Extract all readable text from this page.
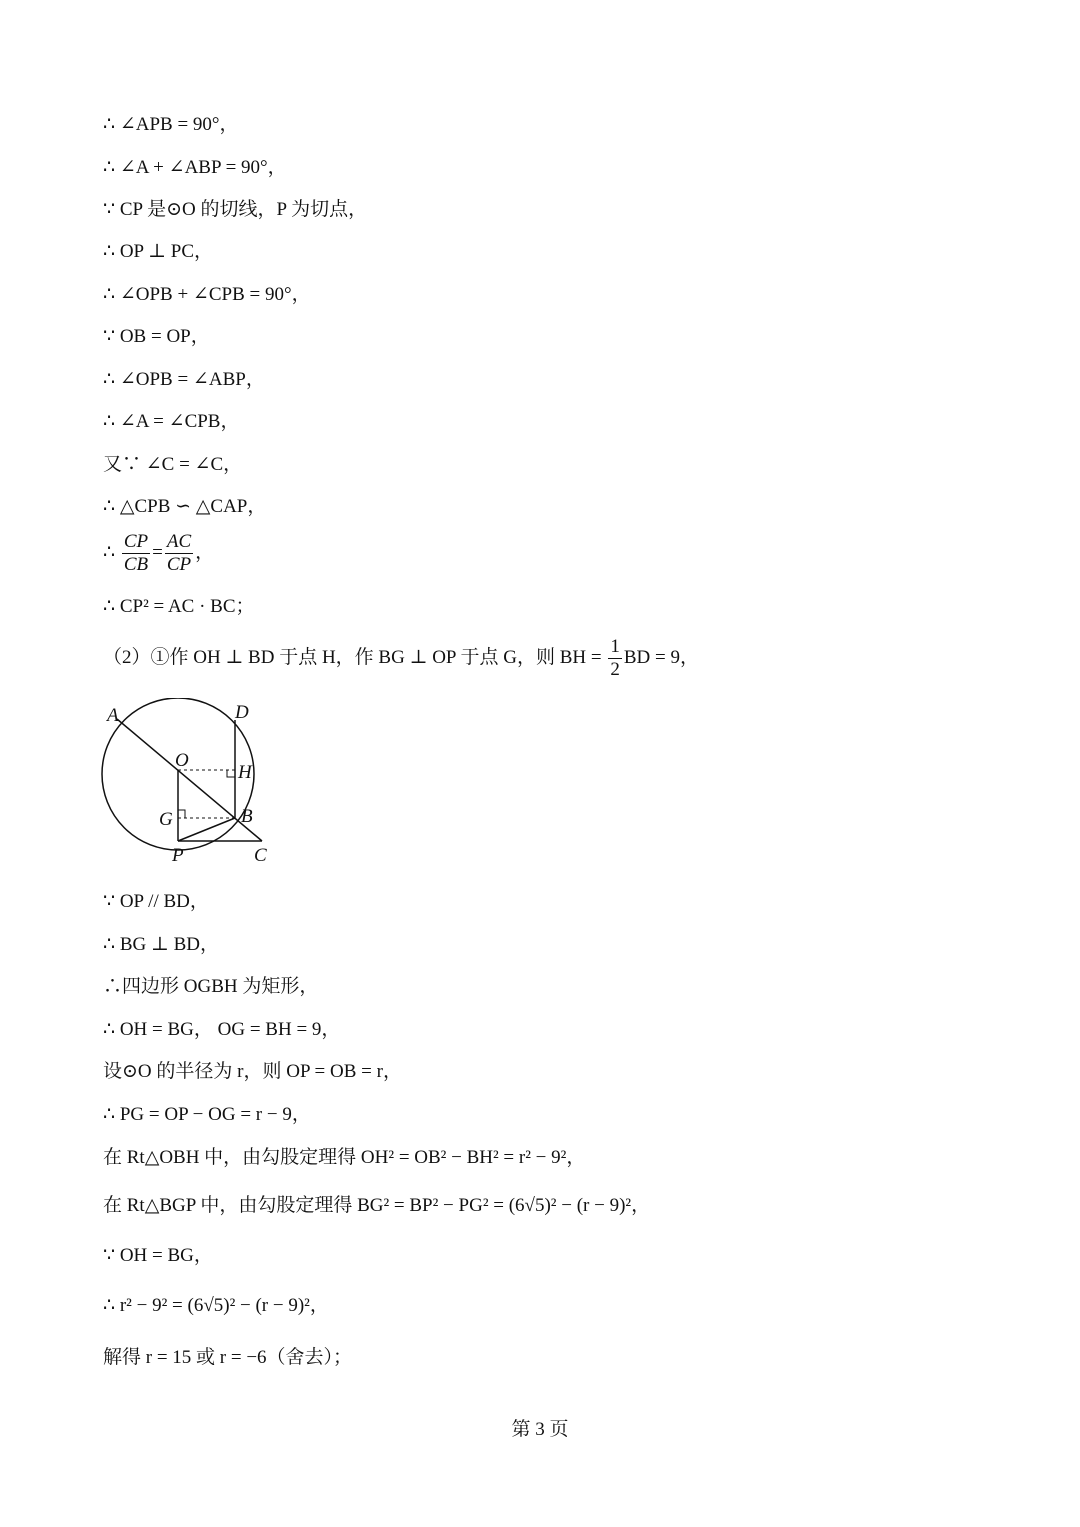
∴ ∠APB = 90°，
∴ ∠A + ∠ABP = 90°，
∵ CP 是⊙O 的切线，P 为切点，
∴ OP ⊥ PC，
∴ ∠OPB + ∠CPB = 90°，
∵ OB = OP，
∴ ∠OPB = ∠ABP，
∴ ∠A = ∠CPB，
又∵ ∠C = ∠C，
∴ △CPB ∽ △CAP，
∴ $\frac{CP}{CB} = \frac{AC}{CP}$ ，
∴ CP² = AC · BC；
（2）①作 OH ⊥ BD 于点 H，作 BG ⊥ OP 于点 G，则 BH = $\frac{1}{2}$ BD = 9，
A	D
O
H
G	B
P	C
∵ OP // BD，
∴ BG ⊥ BD，
∴四边形 OGBH 为矩形，
∴ OH = BG， OG = BH = 9，
设⊙O 的半径为 r，则 OP = OB = r，
∴ PG = OP − OG = r − 9，
在 Rt△OBH 中，由勾股定理得 OH² = OB² − BH² = r² − 9²，
在 Rt△BGP 中，由勾股定理得 BG² = BP² − PG² = (6√5)² − (r − 9)²，
∵ OH = BG，
∴ r² − 9² = (6√5)² − (r − 9)²，
解得 r = 15 或 r = −6（舍去）；
第 3 页
